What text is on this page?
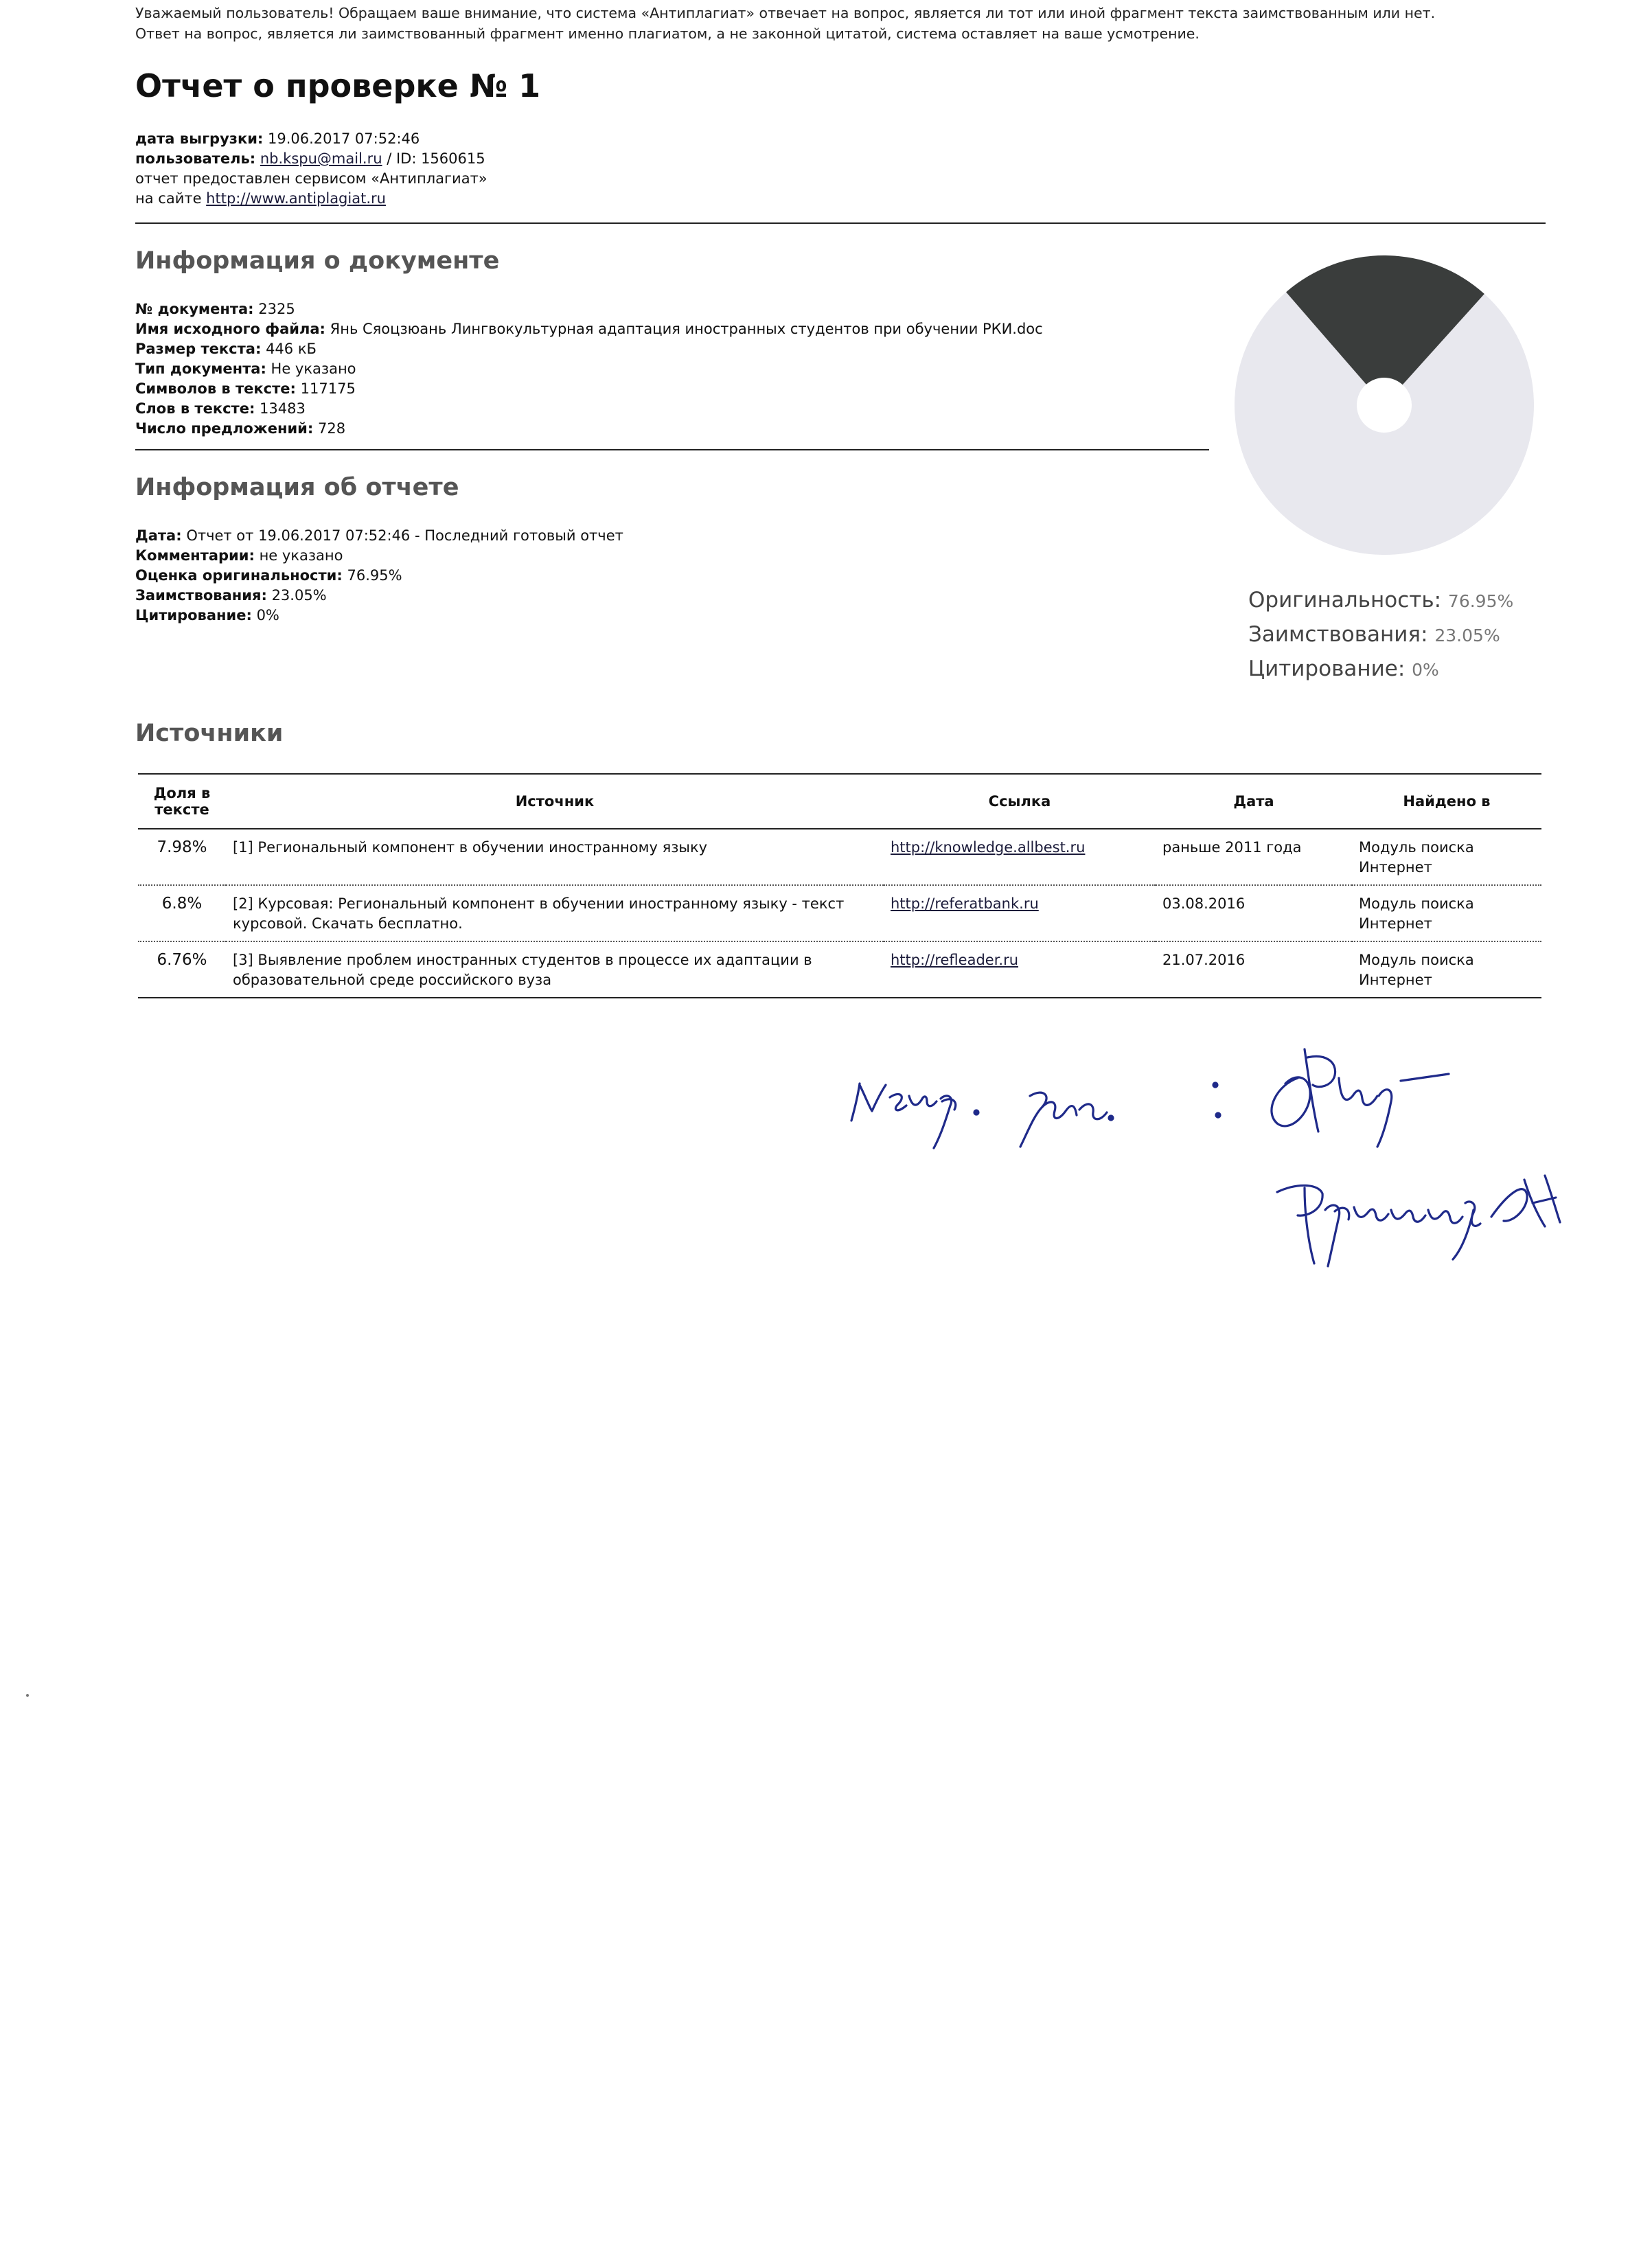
Уважаемый пользователь! Обращаем ваше внимание, что система «Антиплагиат» отвечает на вопрос, является ли тот или иной фрагмент текста заимствованным или нет.
Ответ на вопрос, является ли заимствованный фрагмент именно плагиатом, а не законной цитатой, система оставляет на ваше усмотрение.
Отчет о проверке № 1
дата выгрузки: 19.06.2017 07:52:46
пользователь: nb.kspu@mail.ru / ID: 1560615
отчет предоставлен сервисом «Антиплагиат»
на сайте http://www.antiplagiat.ru
Информация о документе
№ документа: 2325
Имя исходного файла: Янь Сяоцзюань Лингвокультурная адаптация иностранных студентов при обучении РКИ.doc
Размер текста: 446 кБ
Тип документа: Не указано
Символов в тексте: 117175
Слов в тексте: 13483
Число предложений: 728
Информация об отчете
Дата: Отчет от 19.06.2017 07:52:46 - Последний готовый отчет
Комментарии: не указано
Оценка оригинальности: 76.95%
Заимствования: 23.05%
Цитирование: 0%
Оригинальность: 76.95%
Заимствования: 23.05%
Цитирование: 0%
Источники
Доля в тексте	Источник	Ссылка	Дата	Найдено в
7.98%	[1] Региональный компонент в обучении иностранному языку	http://knowledge.allbest.ru	раньше 2011 года	Модуль поиска Интернет
6.8%	[2] Курсовая: Региональный компонент в обучении иностранному языку - текст курсовой. Скачать бесплатно.	http://referatbank.ru	03.08.2016	Модуль поиска Интернет
6.76%	[3] Выявление проблем иностранных студентов в процессе их адаптации в образовательной среде российского вуза	http://refleader.ru	21.07.2016	Модуль поиска Интернет
